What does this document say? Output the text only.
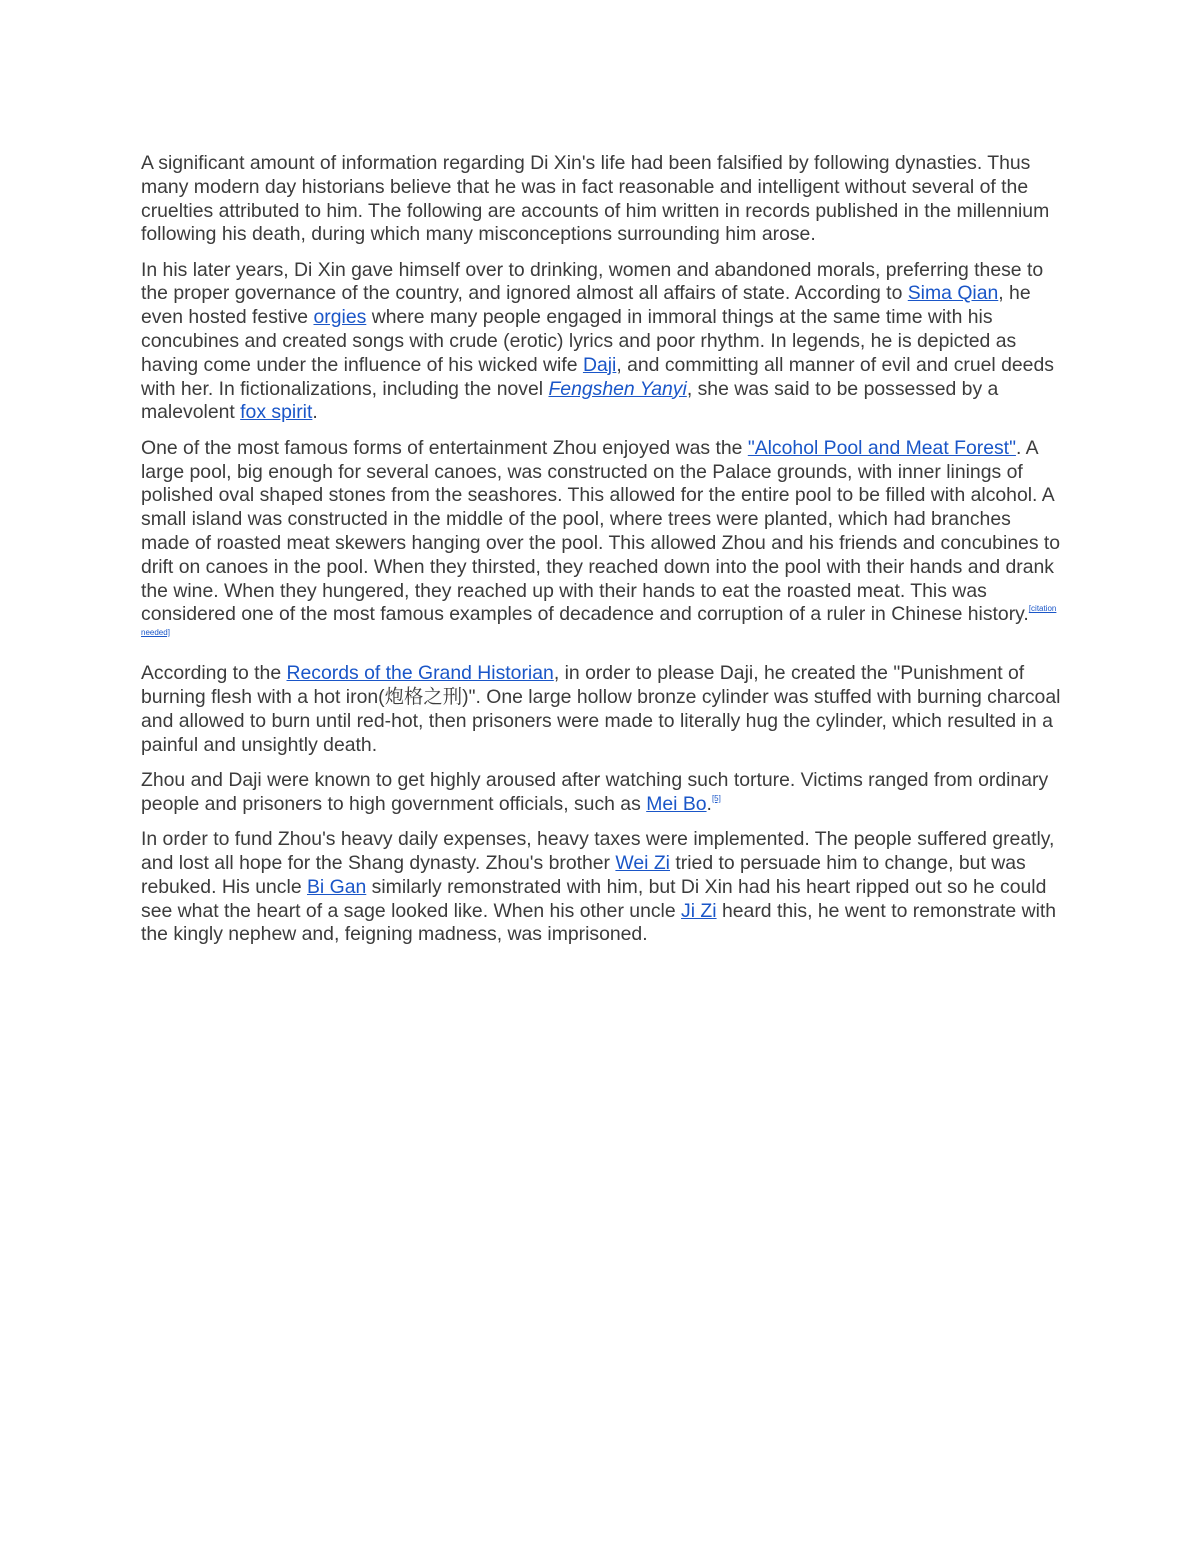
A significant amount of information regarding Di Xin's life had been falsified by following dynasties. Thus many modern day historians believe that he was in fact reasonable and intelligent without several of the cruelties attributed to him. The following are accounts of him written in records published in the millennium following his death, during which many misconceptions surrounding him arose.

In his later years, Di Xin gave himself over to drinking, women and abandoned morals, preferring these to the proper governance of the country, and ignored almost all affairs of state. According to Sima Qian, he even hosted festive orgies where many people engaged in immoral things at the same time with his concubines and created songs with crude (erotic) lyrics and poor rhythm. In legends, he is depicted as having come under the influence of his wicked wife Daji, and committing all manner of evil and cruel deeds with her. In fictionalizations, including the novel Fengshen Yanyi, she was said to be possessed by a malevolent fox spirit.

One of the most famous forms of entertainment Zhou enjoyed was the "Alcohol Pool and Meat Forest". A large pool, big enough for several canoes, was constructed on the Palace grounds, with inner linings of polished oval shaped stones from the seashores. This allowed for the entire pool to be filled with alcohol. A small island was constructed in the middle of the pool, where trees were planted, which had branches made of roasted meat skewers hanging over the pool. This allowed Zhou and his friends and concubines to drift on canoes in the pool. When they thirsted, they reached down into the pool with their hands and drank the wine. When they hungered, they reached up with their hands to eat the roasted meat. This was considered one of the most famous examples of decadence and corruption of a ruler in Chinese history.[citation needed]

According to the Records of the Grand Historian, in order to please Daji, he created the "Punishment of burning flesh with a hot iron(炮格之刑)". One large hollow bronze cylinder was stuffed with burning charcoal and allowed to burn until red-hot, then prisoners were made to literally hug the cylinder, which resulted in a painful and unsightly death.

Zhou and Daji were known to get highly aroused after watching such torture. Victims ranged from ordinary people and prisoners to high government officials, such as Mei Bo.[5]

In order to fund Zhou's heavy daily expenses, heavy taxes were implemented. The people suffered greatly, and lost all hope for the Shang dynasty. Zhou's brother Wei Zi tried to persuade him to change, but was rebuked. His uncle Bi Gan similarly remonstrated with him, but Di Xin had his heart ripped out so he could see what the heart of a sage looked like. When his other uncle Ji Zi heard this, he went to remonstrate with the kingly nephew and, feigning madness, was imprisoned.
